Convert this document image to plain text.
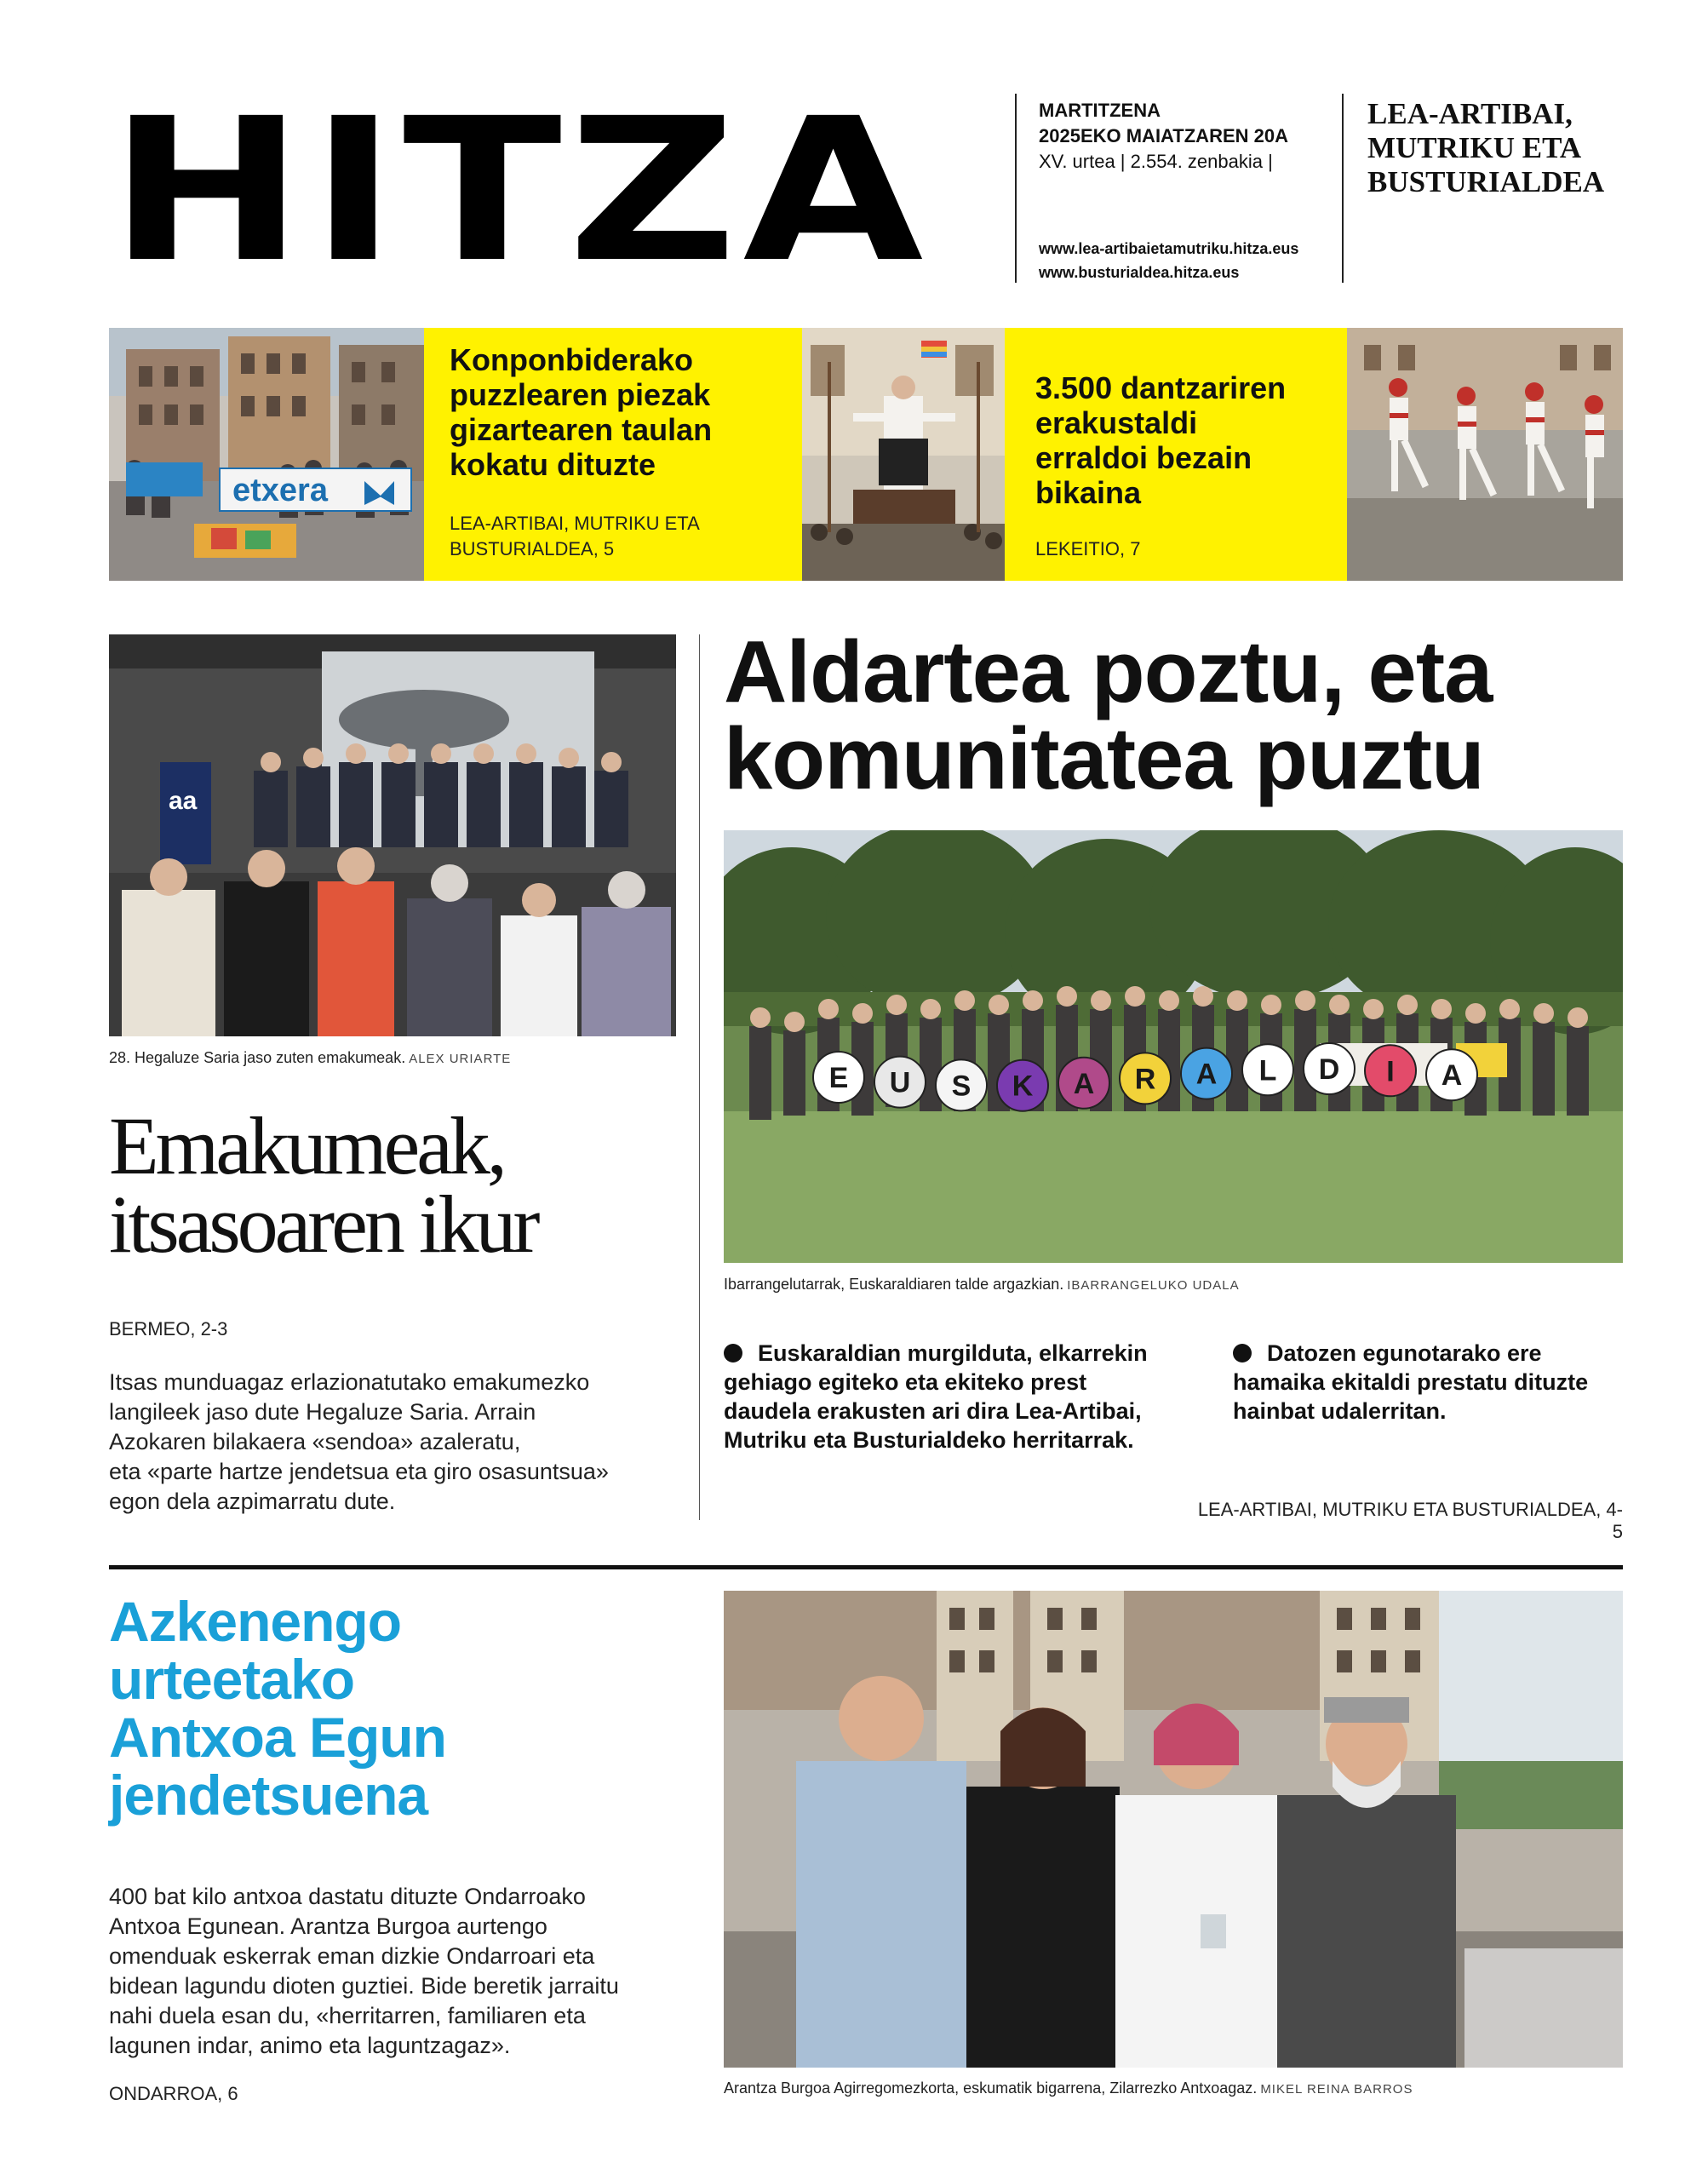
HITZA	MARTITZENA
2025EKO MAIATZAREN 20A
XV. urtea | 2.554. zenbakia |
www.lea-artibaietamutriku.hitza.eus
www.busturialdea.hitza.eus
LEA-ARTIBAI,
MUTRIKU ETA
BUSTURIALDEA
etxera
Konponbiderako
puzzlearen piezak
gizartearen taulan
kokatu dituzte
LEA-ARTIBAI, MUTRIKU ETA
BUSTURIALDEA, 5
3.500 dantzariren
erakustaldi
erraldoi bezain
bikaina
LEKEITIO, 7
aa
28. Hegaluze Saria jaso zuten emakumeak. ALEX URIARTE
Emakumeak,
itsasoaren ikur
BERMEO, 2-3
Itsas munduagaz erlazionatutako emakumezko
langileek jaso dute Hegaluze Saria. Arrain
Azokaren bilakaera «sendoa» azaleratu,
eta «parte hartze jendetsua eta giro osasuntsua»
egon dela azpimarratu dute.
Aldartea poztu, eta
komunitatea puztu
E U S K A R A L D I A
Ibarrangelutarrak, Euskaraldiaren talde argazkian. IBARRANGELUKO UDALA
Euskaraldian murgilduta, elkarrekin
gehiago egiteko eta ekiteko prest
daudela erakusten ari dira Lea-Artibai,
Mutriku eta Busturialdeko herritarrak.
Datozen egunotarako ere
hamaika ekitaldi prestatu dituzte
hainbat udalerritan.
LEA-ARTIBAI, MUTRIKU ETA BUSTURIALDEA, 4-5
Azkenengo
urteetako
Antxoa Egun
jendetsuena
400 bat kilo antxoa dastatu dituzte Ondarroako
Antxoa Egunean. Arantza Burgoa aurtengo
omenduak eskerrak eman dizkie Ondarroari eta
bidean lagundu dioten guztiei. Bide beretik jarraitu
nahi duela esan du, «herritarren, familiaren eta
lagunen indar, animo eta laguntzagaz».
ONDARROA, 6	Arantza Burgoa Agirregomezkorta, eskumatik bigarrena, Zilarrezko Antxoagaz. MIKEL REINA BARROS
